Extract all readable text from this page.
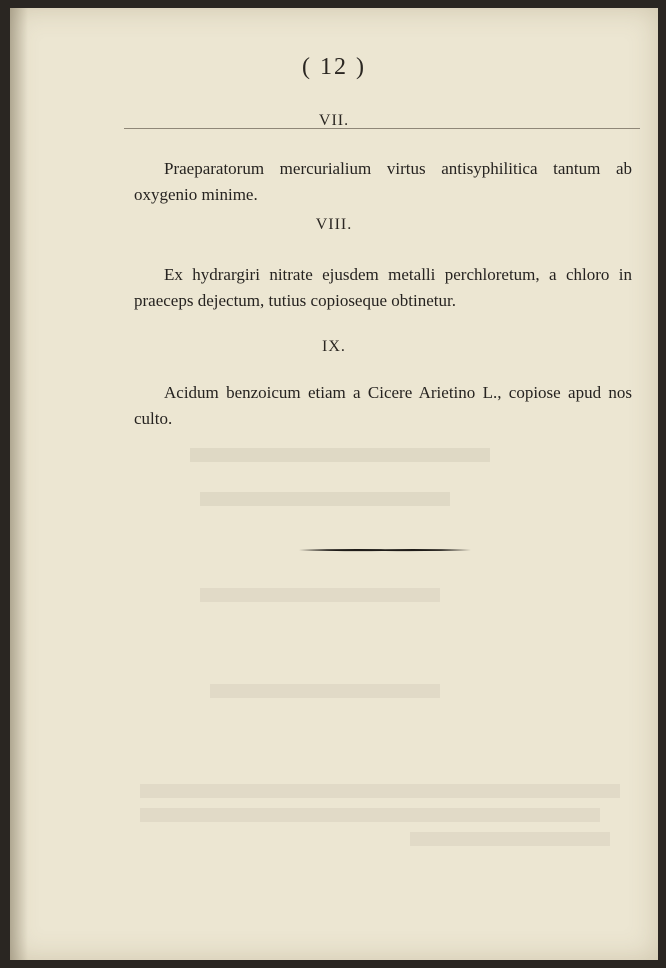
( 12 )
VII.

Praeparatorum mercurialium virtus antisyphilitica tantum ab oxygenio minime.

VIII.

Ex hydrargiri nitrate ejusdem metalli perchloretum, a chloro in praeceps dejectum, tutius copioseque obtinetur.

IX.

Acidum benzoicum etiam a Cicere Arietino L., copiose apud nos culto.
